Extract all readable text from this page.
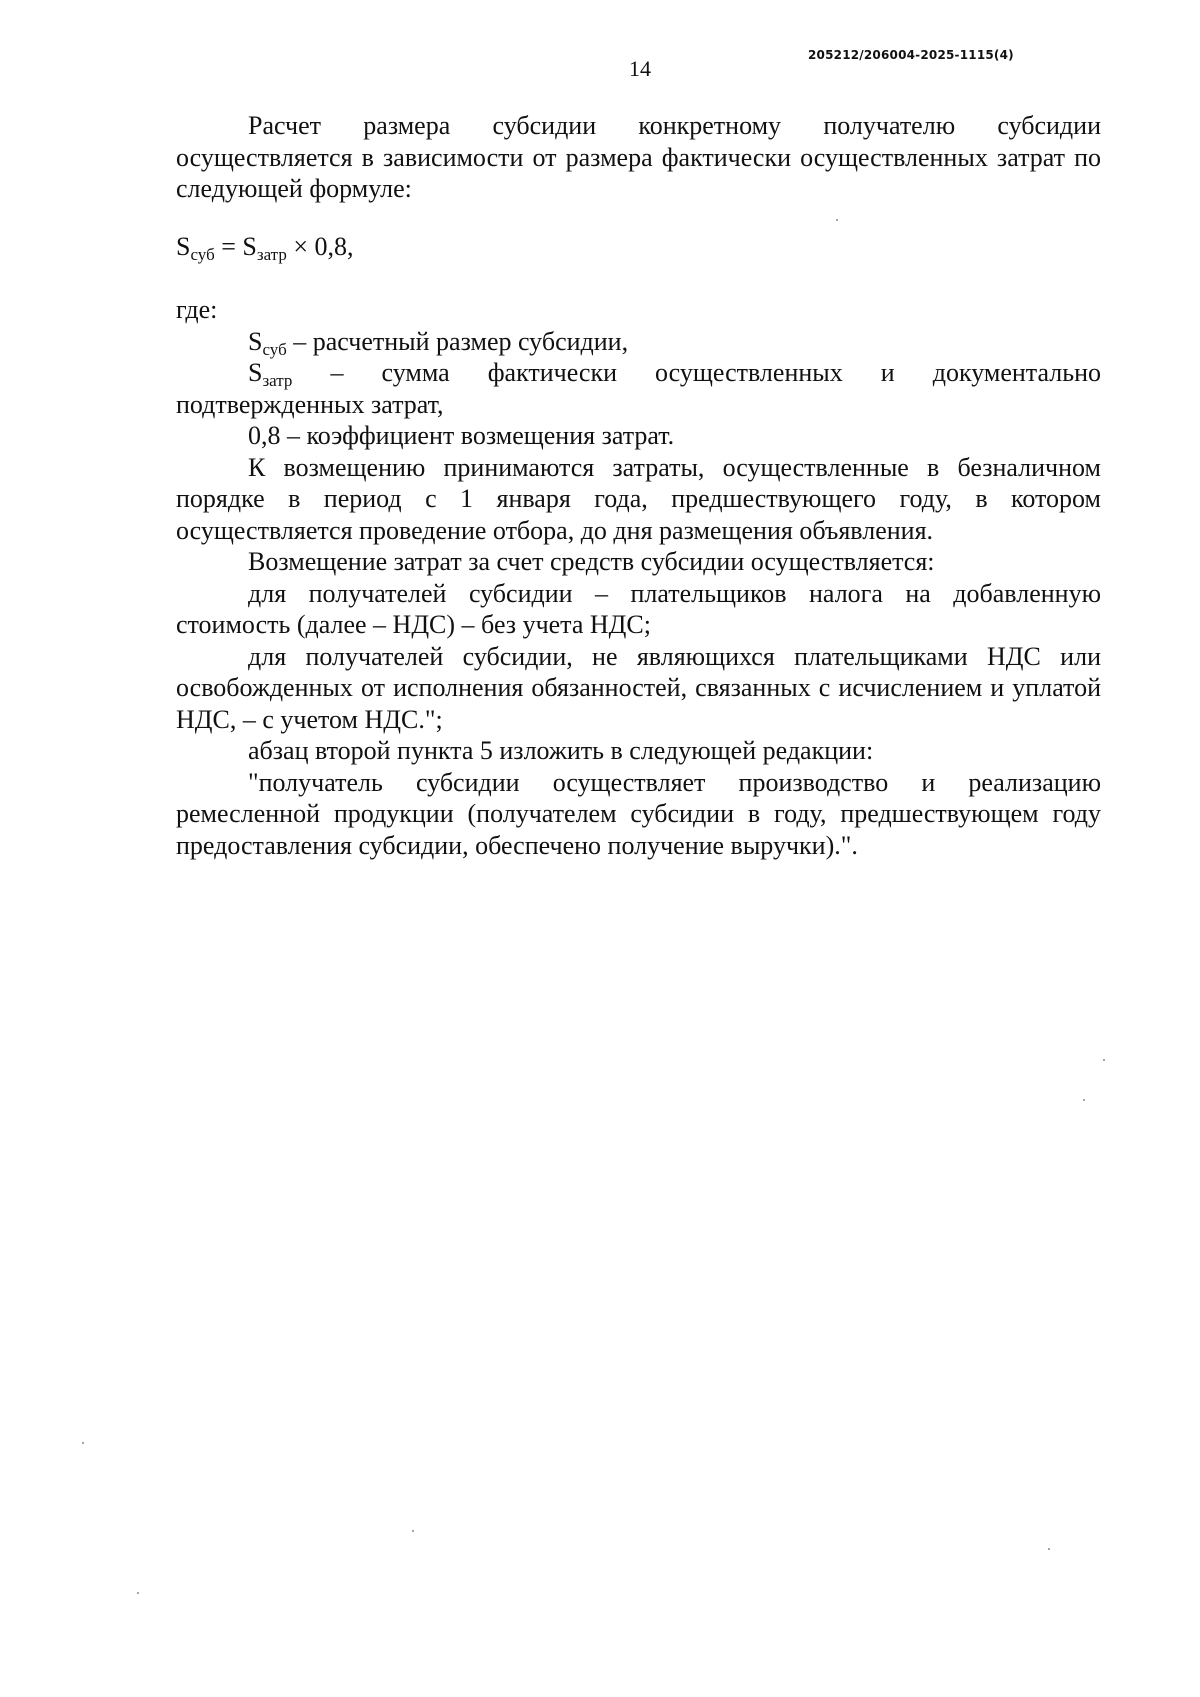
14
205212/206004-2025-1115(4)

Расчет размера субсидии конкретному получателю субсидии осуществляется в зависимости от размера фактически осуществленных затрат по следующей формуле:

$S_{суб} = S_{затр} \times 0,8$,

где:

$S_{суб}$ – расчетный размер субсидии,

$S_{затр}$ – сумма фактически осуществленных и документально подтвержденных затрат,

0,8 – коэффициент возмещения затрат.

К возмещению принимаются затраты, осуществленные в безналичном порядке в период с 1 января года, предшествующего году, в котором осуществляется проведение отбора, до дня размещения объявления.

Возмещение затрат за счет средств субсидии осуществляется:

для получателей субсидии – плательщиков налога на добавленную стоимость (далее – НДС) – без учета НДС;

для получателей субсидии, не являющихся плательщиками НДС или освобожденных от исполнения обязанностей, связанных с исчислением и уплатой НДС, – с учетом НДС.";

абзац второй пункта 5 изложить в следующей редакции:

"получатель субсидии осуществляет производство и реализацию ремесленной продукции (получателем субсидии в году, предшествующем году предоставления субсидии, обеспечено получение выручки).".
